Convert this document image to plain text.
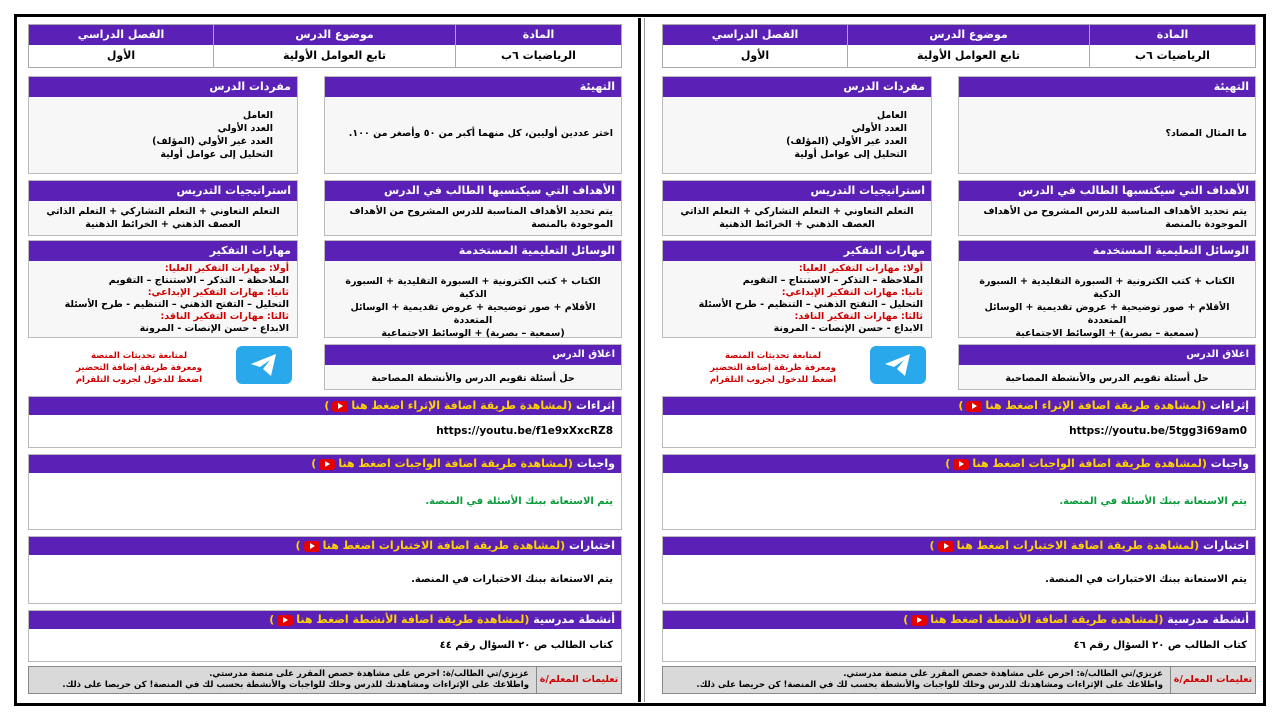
المادة
الرياضيات ٦ب
موضوع الدرس
تابع العوامل الأولية
الفصل الدراسي
الأول
التهيئة
اختر عددين أوليين، كل منهما أكبر من ٥٠ وأصغر من ١٠٠.
مفردات الدرس
العامل
العدد الأولي
العدد غير الأولي (المؤلف)
التحليل إلى عوامل أولية
الأهداف التي سيكتسبها الطالب في الدرس
يتم تحديد الأهداف المناسبة للدرس المشروح من الأهداف الموجودة بالمنصة
استراتيجيات التدريس
التعلم التعاوني + التعلم التشاركي + التعلم الذاتي
العصف الذهني + الخرائط الذهنية
الوسائل التعليمية المستخدمة
الكتاب + كتب الكترونية + السبورة التقليدية + السبورة الذكية
الأقلام + صور توضيحية + عروض تقديمية + الوسائل المتعددة
(سمعية – بصرية) + الوسائط الاجتماعية
مهارات التفكير
أولا: مهارات التفكير العليا:
الملاحظة – التذكر – الاستنتاج – التقويم
ثانيا: مهارات التفكير الإبداعي:
التحليل – التفتح الذهني – التنظيم - طرح الأسئلة
ثالثا: مهارات التفكير الناقد:
الابداع - حسن الإنصات - المرونة
اغلاق الدرس
حل أسئلة تقويم الدرس والأنشطة المصاحبة
لمتابعة تحديثات المنصة
ومعرفة طريقة إضافة التحضير
اضغط للدخول لجروب التلقرام
إثراءات (لمشاهدة طريقة اضافة الإثراء اضغط هنا)
https://youtu.be/f1e9xXxcRZ8
واجبات (لمشاهدة طريقة اضافة الواجبات اضغط هنا)
يتم الاستعانة ببنك الأسئلة في المنصة.
اختبارات (لمشاهدة طريقة اضافة الاختبارات اضغط هنا)
يتم الاستعانة ببنك الاختبارات في المنصة.
أنشطة مدرسية (لمشاهدة طريقة اضافة الأنشطة اضغط هنا)
كتاب الطالب ص ٢٠ السؤال رقم ٤٤
تعليمات المعلم/ة
عزيزي/تي الطالب/ة: احرص على مشاهدة حصص المقرر على منصة مدرستي.
واطلاعك على الإثراءات ومشاهدتك للدرس وحلك للواجبات والأنشطة بحسب لك في المنصة! كن حريصا على ذلك.
المادة
الرياضيات ٦ب
موضوع الدرس
تابع العوامل الأولية
الفصل الدراسي
الأول
التهيئة
ما المثال المضاد؟
مفردات الدرس
العامل
العدد الأولي
العدد غير الأولي (المؤلف)
التحليل إلى عوامل أولية
الأهداف التي سيكتسبها الطالب في الدرس
يتم تحديد الأهداف المناسبة للدرس المشروح من الأهداف الموجودة بالمنصة
استراتيجيات التدريس
التعلم التعاوني + التعلم التشاركي + التعلم الذاتي
العصف الذهني + الخرائط الذهنية
الوسائل التعليمية المستخدمة
الكتاب + كتب الكترونية + السبورة التقليدية + السبورة الذكية
الأقلام + صور توضيحية + عروض تقديمية + الوسائل المتعددة
(سمعية – بصرية) + الوسائط الاجتماعية
مهارات التفكير
أولا: مهارات التفكير العليا:
الملاحظة – التذكر – الاستنتاج – التقويم
ثانيا: مهارات التفكير الإبداعي:
التحليل – التفتح الذهني – التنظيم - طرح الأسئلة
ثالثا: مهارات التفكير الناقد:
الابداع - حسن الإنصات - المرونة
اغلاق الدرس
حل أسئلة تقويم الدرس والأنشطة المصاحبة
لمتابعة تحديثات المنصة
ومعرفة طريقة إضافة التحضير
اضغط للدخول لجروب التلقرام
إثراءات (لمشاهدة طريقة اضافة الإثراء اضغط هنا)
https://youtu.be/5tgg3i69am0
واجبات (لمشاهدة طريقة اضافة الواجبات اضغط هنا)
يتم الاستعانة ببنك الأسئلة في المنصة.
اختبارات (لمشاهدة طريقة اضافة الاختبارات اضغط هنا)
يتم الاستعانة ببنك الاختبارات في المنصة.
أنشطة مدرسية (لمشاهدة طريقة اضافة الأنشطة اضغط هنا)
كتاب الطالب ص ٢٠ السؤال رقم ٤٦
تعليمات المعلم/ة
عزيزي/تي الطالب/ة: احرص على مشاهدة حصص المقرر على منصة مدرستي.
واطلاعك على الإثراءات ومشاهدتك للدرس وحلك للواجبات والأنشطة بحسب لك في المنصة! كن حريصا على ذلك.
